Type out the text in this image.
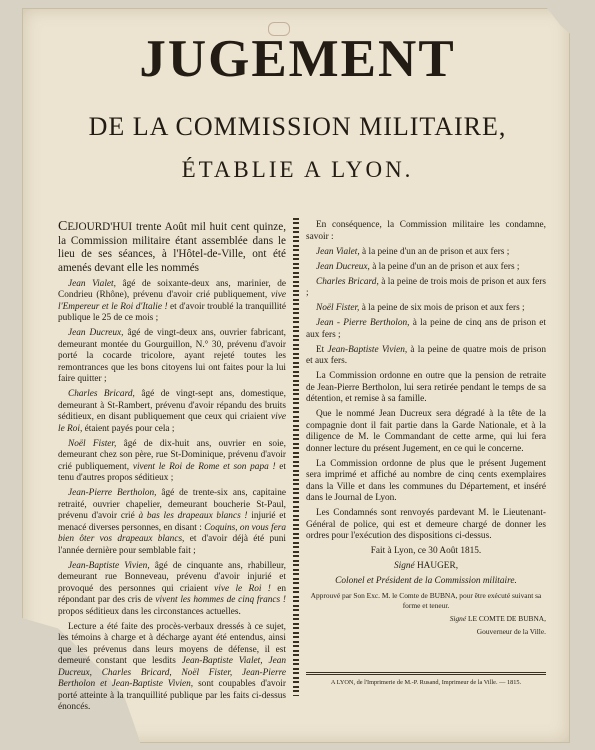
JUGEMENT
DE LA COMMISSION MILITAIRE,
ÉTABLIE A LYON.

CEJOURD'HUI trente Août mil huit cent quinze, la Commission militaire étant assemblée dans le lieu de ses séances, à l'Hôtel-de-Ville, ont été amenés devant elle les nommés

Jean Vialet, âgé de soixante-deux ans, marinier, de Condrieu (Rhône), prévenu d'avoir crié publiquement, vive l'Empereur et le Roi d'Italie ! et d'avoir troublé la tranquillité publique le 25 de ce mois ;

Jean Ducreux, âgé de vingt-deux ans, ouvrier fabricant, demeurant montée du Gourguillon, N.° 30, prévenu d'avoir porté la cocarde tricolore, ayant rejeté toutes les remontrances que les bons citoyens lui ont faites pour la lui faire quitter ;

Charles Bricard, âgé de vingt-sept ans, domestique, demeurant à St-Rambert, prévenu d'avoir répandu des bruits séditieux, en disant publiquement que ceux qui criaient vive le Roi, étaient payés pour cela ;

Noël Fister, âgé de dix-huit ans, ouvrier en soie, demeurant chez son père, rue St-Dominique, prévenu d'avoir crié publiquement, vivent le Roi de Rome et son papa ! et tenu d'autres propos séditieux ;

Jean-Pierre Bertholon, âgé de trente-six ans, capitaine retraité, ouvrier chapelier, demeurant boucherie St-Paul, prévenu d'avoir crié à bas les drapeaux blancs ! injurié et menacé diverses personnes, en disant : Coquins, on vous fera bien ôter vos drapeaux blancs, et d'avoir déjà été puni l'année dernière pour semblable fait ;

Jean-Baptiste Vivien, âgé de cinquante ans, rhabilleur, demeurant rue Bonneveau, prévenu d'avoir injurié et provoqué des personnes qui criaient vive le Roi ! en répondant par des cris de vivent les hommes de cinq francs ! propos séditieux dans les circonstances actuelles.

Lecture a été faite des procès-verbaux dressés à ce sujet, les témoins à charge et à décharge ayant été entendus, ainsi que les prévenus dans leurs moyens de défense, il est demeuré constant que lesdits Jean-Baptiste Vialet, Jean Ducreux, Charles Bricard, Noël Fister, Jean-Pierre Bertholon et Jean-Baptiste Vivien, sont coupables d'avoir porté atteinte à la tranquillité publique par les faits ci-dessus énoncés.

En conséquence, la Commission militaire les condamne, savoir :

Jean Vialet, à la peine d'un an de prison et aux fers ;

Jean Ducreux, à la peine d'un an de prison et aux fers ;

Charles Bricard, à la peine de trois mois de prison et aux fers ;

Noël Fister, à la peine de six mois de prison et aux fers ;

Jean - Pierre Bertholon, à la peine de cinq ans de prison et aux fers ;

Et Jean-Baptiste Vivien, à la peine de quatre mois de prison et aux fers.

La Commission ordonne en outre que la pension de retraite de Jean-Pierre Bertholon, lui sera retirée pendant le temps de sa détention, et remise à sa famille.

Que le nommé Jean Ducreux sera dégradé à la tête de la compagnie dont il fait partie dans la Garde Nationale, et à la diligence de M. le Commandant de cette arme, qui lui fera donner lecture du présent Jugement, en ce qui le concerne.

La Commission ordonne de plus que le présent Jugement sera imprimé et affiché au nombre de cinq cents exemplaires dans la Ville et dans les communes du Département, et inséré dans le Journal de Lyon.

Les Condamnés sont renvoyés pardevant M. le Lieutenant-Général de police, qui est et demeure chargé de donner les ordres pour l'exécution des dispositions ci-dessus.

Fait à Lyon, ce 30 Août 1815.

Signé HAUGER,

Colonel et Président de la Commission militaire.

Approuvé par Son Exc. M. le Comte de BUBNA, pour être exécuté suivant sa forme et teneur.

Signé LE COMTE DE BUBNA,

Gouverneur de la Ville.

A LYON, de l'Imprimerie de M.-P. Rusand, Imprimeur de la Ville. — 1815.
